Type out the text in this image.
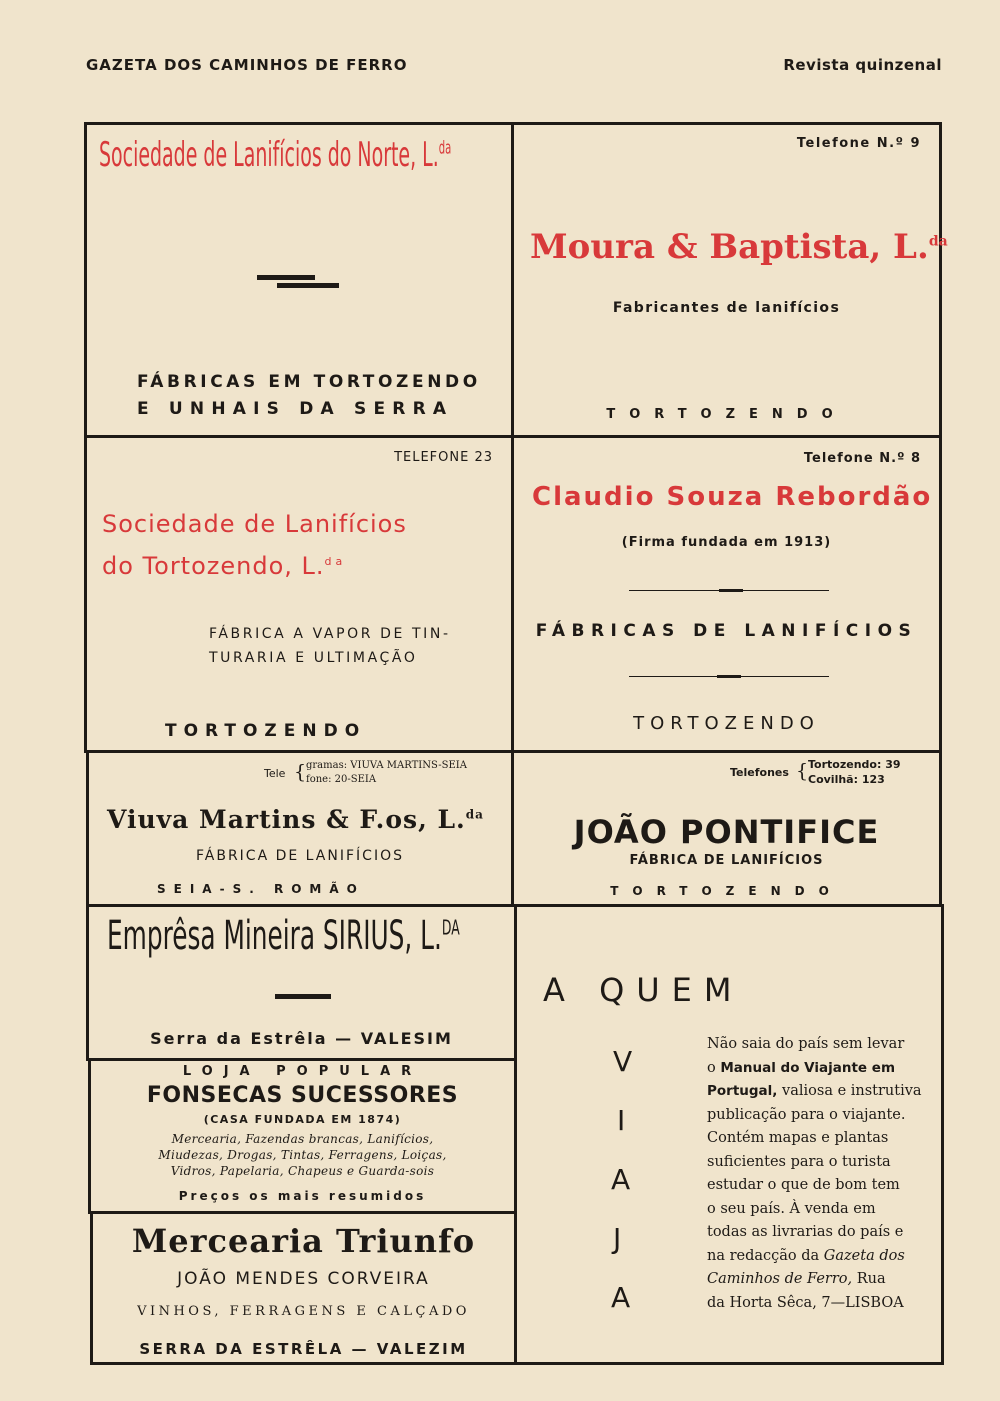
GAZETA DOS CAMINHOS DE FERRO	Revista quinzenal
Sociedade de Lanifícios do Norte, L.$^{da}$
FÁBRICAS EM TORTOZENDO
E UNHAIS DA SERRA
Telefone N.º 9
Moura & Baptista, L.$^{da}$
Fabricantes de lanifícios
TORTOZENDO
TELEFONE 23
Sociedade de Lanifícios
do Tortozendo, L.$^{da}$
FÁBRICA A VAPOR DE TIN-
TURARIA E ULTIMAÇÃO
TORTOZENDO
Telefone N.º 8
Claudio Souza Rebordão
(Firma fundada em 1913)
FÁBRICAS DE LANIFÍCIOS
TORTOZENDO
Tele { gramas: VIUVA MARTINS-SEIA
fone: 20-SEIA
Viuva Martins & F.os, L.$^{da}$
FÁBRICA DE LANIFÍCIOS
SEIA-S. ROMÃO
Telefones { Tortozendo: 39
Covilhã: 123
JOÃO PONTIFICE
FÁBRICA DE LANIFÍCIOS
TORTOZENDO
Emprêsa Mineira SIRIUS, L.$^{DA}$
Serra da Estrêla — VALESIM
LOJA POPULAR
FONSECAS SUCESSORES
(CASA FUNDADA EM 1874)
Mercearia, Fazendas brancas, Lanifícios,
Miudezas, Drogas, Tintas, Ferragens, Loiças,
Vidros, Papelaria, Chapeus e Guarda-sois
Preços os mais resumidos
Mercearia Triunfo
JOÃO MENDES CORVEIRA
VINHOS, FERRAGENS E CALÇADO
SERRA DA ESTRÊLA — VALEZIM
A QUEM
V
I
A
J
A
Não saia do país sem levar
o Manual do Viajante em
Portugal, valiosa e instrutiva
publicação para o viajante.
Contém mapas e plantas
suficientes para o turista
estudar o que de bom tem
o seu país. À venda em
todas as livrarias do país e
na redacção da Gazeta dos
Caminhos de Ferro, Rua
da Horta Sêca, 7—LISBOA
